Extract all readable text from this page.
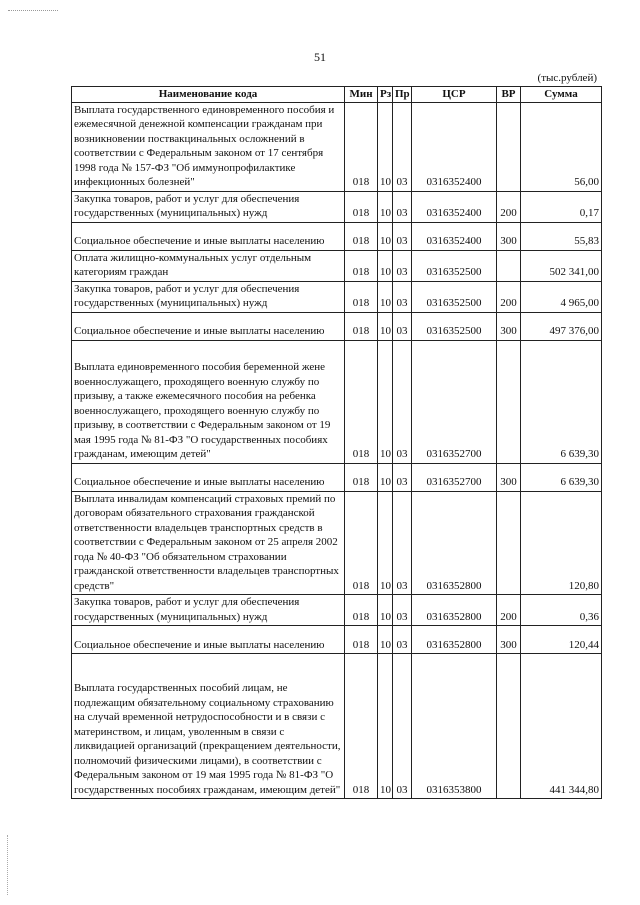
51
(тыс.рублей)
Наименование кода	Мин	Рз	Пр	ЦСР	ВР	Сумма
Выплата государственного единовременного пособия и ежемесячной денежной компенсации гражданам при возникновении поствакцинальных осложнений в соответствии с Федеральным законом от 17 сентября 1998 года № 157-ФЗ "Об иммунопрофилактике инфекционных болезней"	018	10	03	0316352400		56,00
Закупка товаров, работ и услуг для обеспечения государственных (муниципальных) нужд	018	10	03	0316352400	200	0,17
Социальное обеспечение и иные выплаты населению	018	10	03	0316352400	300	55,83
Оплата жилищно-коммунальных услуг отдельным категориям граждан	018	10	03	0316352500		502 341,00
Закупка товаров, работ и услуг для обеспечения государственных (муниципальных) нужд	018	10	03	0316352500	200	4 965,00
Социальное обеспечение и иные выплаты населению	018	10	03	0316352500	300	497 376,00
Выплата единовременного пособия беременной жене военнослужащего, проходящего военную службу по призыву, а также ежемесячного пособия на ребенка военнослужащего, проходящего военную службу по призыву, в соответствии с Федеральным законом от 19 мая 1995 года № 81-ФЗ "О государственных пособиях гражданам, имеющим детей"	018	10	03	0316352700		6 639,30
Социальное обеспечение и иные выплаты населению	018	10	03	0316352700	300	6 639,30
Выплата инвалидам компенсаций страховых премий по договорам обязательного страхования гражданской ответственности владельцев транспортных средств в соответствии с Федеральным законом от 25 апреля 2002 года № 40-ФЗ "Об обязательном страховании гражданской ответственности владельцев транспортных средств"	018	10	03	0316352800		120,80
Закупка товаров, работ и услуг для обеспечения государственных (муниципальных) нужд	018	10	03	0316352800	200	0,36
Социальное обеспечение и иные выплаты населению	018	10	03	0316352800	300	120,44
Выплата государственных пособий лицам, не подлежащим обязательному социальному страхованию на случай временной нетрудоспособности и в связи с материнством, и лицам, уволенным в связи с ликвидацией организаций (прекращением деятельности, полномочий физическими лицами), в соответствии с Федеральным законом от 19 мая 1995 года № 81-ФЗ "О государственных пособиях гражданам, имеющим детей"	018	10	03	0316353800		441 344,80
